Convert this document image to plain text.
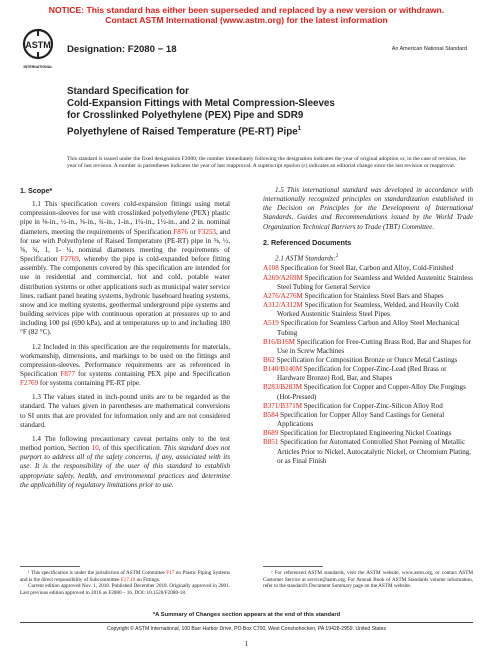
NOTICE: This standard has either been superseded and replaced by a new version or withdrawn.
Contact ASTM International (www.astm.org) for the latest information
ASTM
INTERNATIONAL
Designation: F2080 − 18	An American National Standard
Standard Specification for
Cold-Expansion Fittings with Metal Compression-Sleeves
for Crosslinked Polyethylene (PEX) Pipe and SDR9
Polyethylene of Raised Temperature (PE-RT) Pipe$^1$
This standard is issued under the fixed designation F2080; the number immediately following the designation indicates the year of original adoption or, in the case of revision, the year of last revision. A number in parentheses indicates the year of last reapproval. A superscript epsilon (ε) indicates an editorial change since the last revision or reapproval.
1. Scope*

1.1 This specification covers cold-expansion fittings using metal compression-sleeves for use with crosslinked polyethylene (PEX) plastic pipe in ⅜-in., ½-in., ⅝-in., ¾-in., 1-in., 1¼-in., 1½-in., and 2 in. nominal diameters, meeting the requirements of Specification F876 or F3253, and for use with Polyethylene of Raised Temperature (PE-RT) pipe in ⅜, ½, ⅝, ¾, 1, 1- ¼, nominal diameters meeting the requirements of Specification F2769, whereby the pipe is cold-expanded before fitting assembly. The components covered by this specification are intended for use in residential and commercial, hot and cold, potable water distribution systems or other applications such as municipal water service lines, radiant panel heating systems, hydronic baseboard heating systems, snow and ice melting systems, geothermal underground pipe systems and building services pipe with continuous operation at pressures up to and including 100 psi (690 kPa), and at temperatures up to and including 180 °F (82 °C).

1.2 Included in this specification are the requirements for materials, workmanship, dimensions, and markings to be used on the fittings and compression-sleeves. Performance requirements are as referenced in Specification F877 for systems containing PEX pipe and Specification F2769 for systems containing PE-RT pipe.

1.3 The values stated in inch-pound units are to be regarded as the standard. The values given in parentheses are mathematical conversions to SI units that are provided for information only and are not considered standard.

1.4 The following precautionary caveat pertains only to the test method portion, Section 10, of this specification. This standard does not purport to address all of the safety concerns, if any, associated with its use. It is the responsibility of the user of this standard to establish appropriate safety, health, and environmental practices and determine the applicability of regulatory limitations prior to use.

1.5 This international standard was developed in accordance with internationally recognized principles on standardization established in the Decision on Principles for the Development of International Standards, Guides and Recommendations issued by the World Trade Organization Technical Barriers to Trade (TBT) Committee.

2. Referenced Documents

2.1 ASTM Standards:$^2$

A108 Specification for Steel Bar, Carbon and Alloy, Cold-Finished

A269/A269M Specification for Seamless and Welded Austenitic Stainless Steel Tubing for General Service

A276/A276M Specification for Stainless Steel Bars and Shapes

A312/A312M Specification for Seamless, Welded, and Heavily Cold Worked Austenitic Stainless Steel Pipes

A519 Specification for Seamless Carbon and Alloy Steel Mechanical Tubing

B16/B16M Specification for Free-Cutting Brass Rod, Bar and Shapes for Use in Screw Machines

B62 Specification for Composition Bronze or Ounce Metal Castings

B140/B140M Specification for Copper-Zinc-Lead (Red Brass or Hardware Bronze) Rod, Bar, and Shapes

B283/B283M Specification for Copper and Copper-Alloy Die Forgings (Hot-Pressed)

B371/B371M Specification for Copper-Zinc-Silicon Alloy Rod

B584 Specification for Copper Alloy Sand Castings for General Applications

B689 Specification for Electroplated Engineering Nickel Coatings

B851 Specification for Automated Controlled Shot Peening of Metallic Articles Prior to Nickel, Autocatalytic Nickel, or Chromium Plating, or as Final Finish

¹ This specification is under the jurisdiction of ASTM Committee F17 on Plastic Piping Systems and is the direct responsibility of Subcommittee F17.10 on Fittings.
Current edition approved Nov. 1, 2018. Published December 2018. Originally approved in 2001. Last previous edition approved in 2016 as F2080 – 16. DOI: 10.1520/F2080-18.
² For referenced ASTM standards, visit the ASTM website, www.astm.org, or contact ASTM Customer Service at service@astm.org. For Annual Book of ASTM Standards volume information, refer to the standard's Document Summary page on the ASTM website.
*A Summary of Changes section appears at the end of this standard
Copyright © ASTM International, 100 Barr Harbor Drive, PO Box C700, West Conshohocken, PA 19428-2959. United States
1
